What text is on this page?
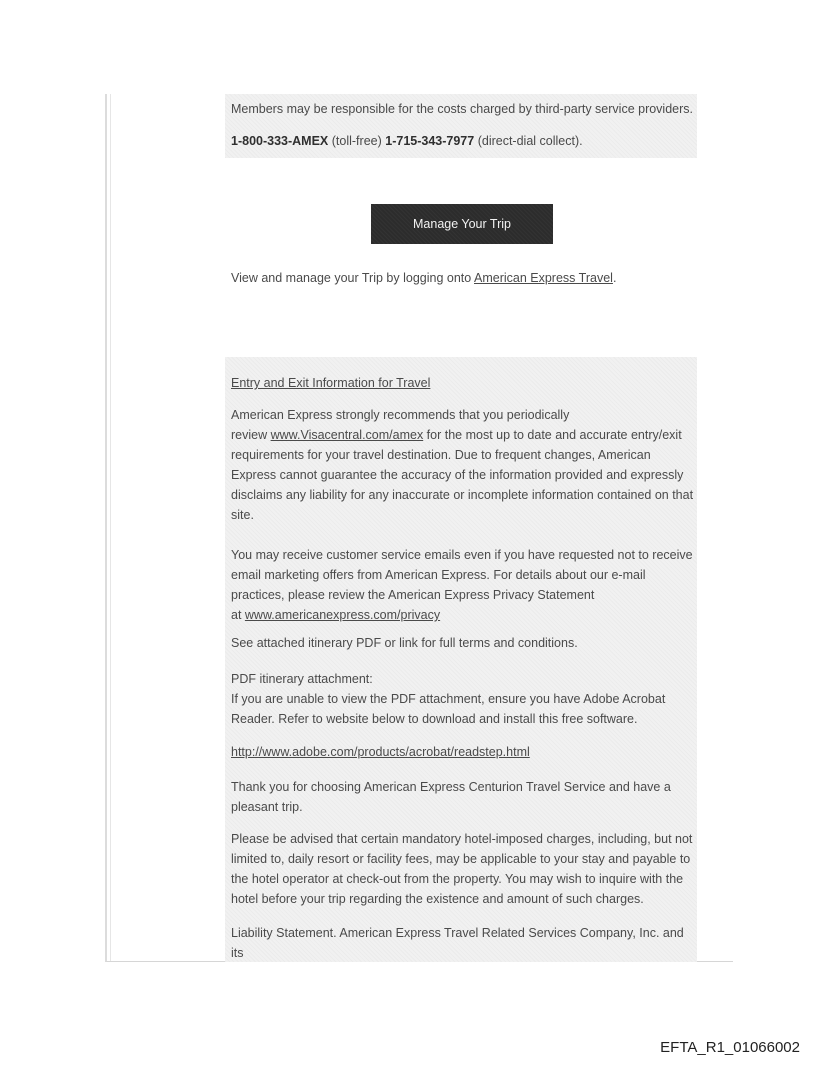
Members may be responsible for the costs charged by third-party service providers.

1-800-333-AMEX (toll-free) 1-715-343-7977 (direct-dial collect).

Manage Your Trip

View and manage your Trip by logging onto American Express Travel.

Entry and Exit Information for Travel

American Express strongly recommends that you periodically
review www.Visacentral.com/amex for the most up to date and accurate entry/exit requirements for your travel destination. Due to frequent changes, American Express cannot guarantee the accuracy of the information provided and expressly disclaims any liability for any inaccurate or incomplete information contained on that site.

You may receive customer service emails even if you have requested not to receive email marketing offers from American Express. For details about our e-mail practices, please review the American Express Privacy Statement
at www.americanexpress.com/privacy

See attached itinerary PDF or link for full terms and conditions.

PDF itinerary attachment:
If you are unable to view the PDF attachment, ensure you have Adobe Acrobat Reader. Refer to website below to download and install this free software.

http://www.adobe.com/products/acrobat/readstep.html

Thank you for choosing American Express Centurion Travel Service and have a pleasant trip.

Please be advised that certain mandatory hotel-imposed charges, including, but not limited to, daily resort or facility fees, may be applicable to your stay and payable to the hotel operator at check-out from the property. You may wish to inquire with the hotel before your trip regarding the existence and amount of such charges.

Liability Statement. American Express Travel Related Services Company, Inc. and its

EFTA_R1_01066002
